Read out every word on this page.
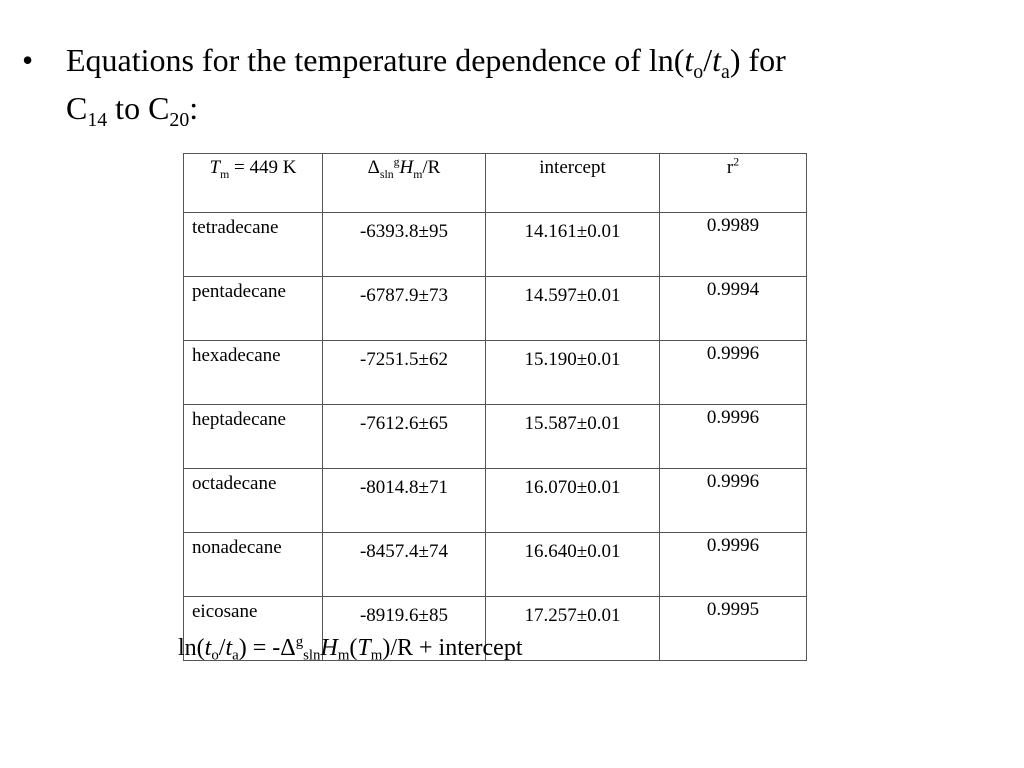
• Equations for the temperature dependence of $\ln(t_o/t_a)$ for
$C_{14}$ to $C_{20}$:
$T_m = 449$ K	$\Delta_{sln}^gH_m/R$	intercept	$r^2$
tetradecane	-6393.8±95	14.161±0.01	0.9989
pentadecane	-6787.9±73	14.597±0.01	0.9994
hexadecane	-7251.5±62	15.190±0.01	0.9996
heptadecane	-7612.6±65	15.587±0.01	0.9996
octadecane	-8014.8±71	16.070±0.01	0.9996
nonadecane	-8457.4±74	16.640±0.01	0.9996
eicosane	-8919.6±85	17.257±0.01	0.9995
$\ln(t_o/t_a) = -\Delta^g_{sln}H_m(T_m)/R$ + intercept
